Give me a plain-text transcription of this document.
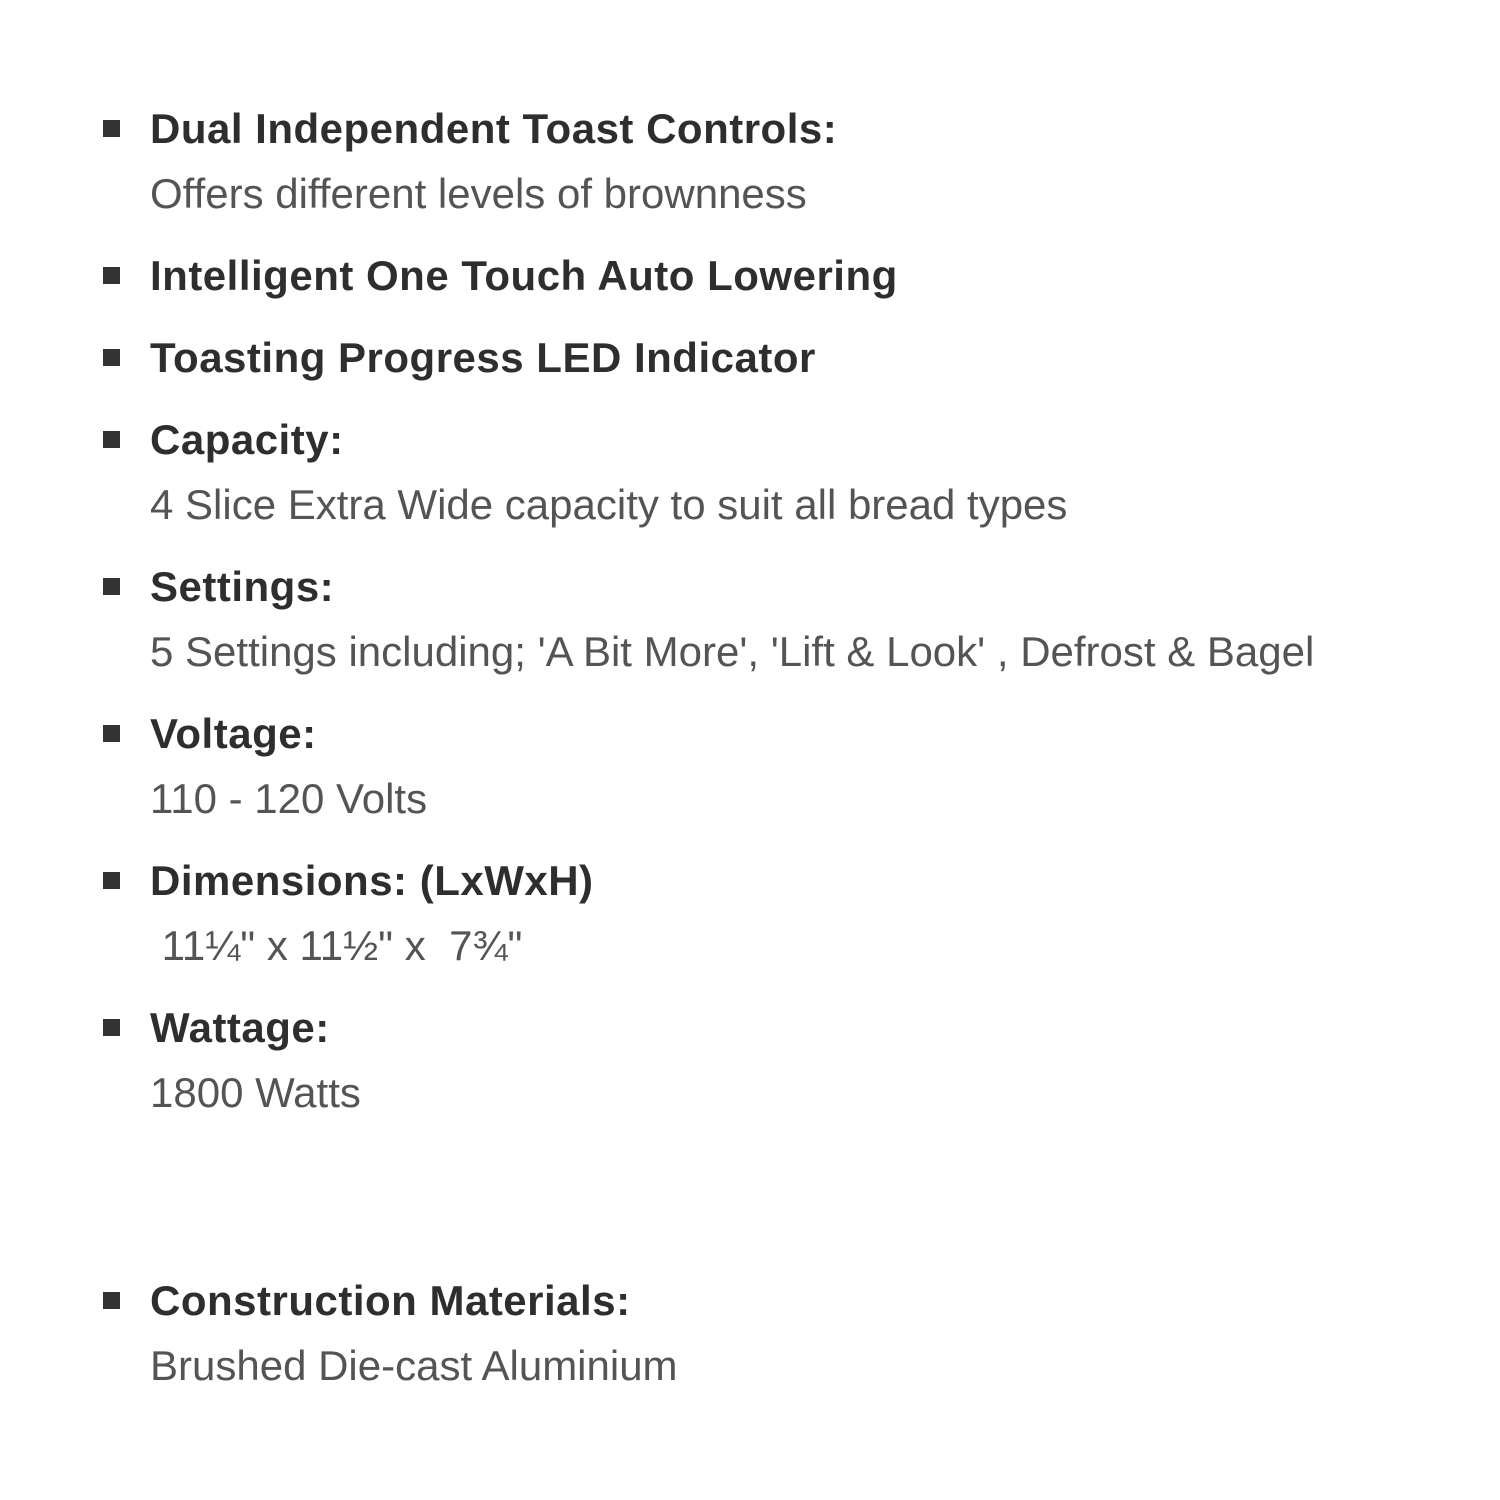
Dual Independent Toast Controls:
Offers different levels of brownness
Intelligent One Touch Auto Lowering
Toasting Progress LED Indicator
Capacity:
4 Slice Extra Wide capacity to suit all bread types
Settings:
5 Settings including; 'A Bit More', 'Lift & Look' , Defrost & Bagel
Voltage:
110 - 120 Volts
Dimensions: (LxWxH)
11¼" x 11½" x  7¾"
Wattage:
1800 Watts
Construction Materials:
Brushed Die-cast Aluminium
